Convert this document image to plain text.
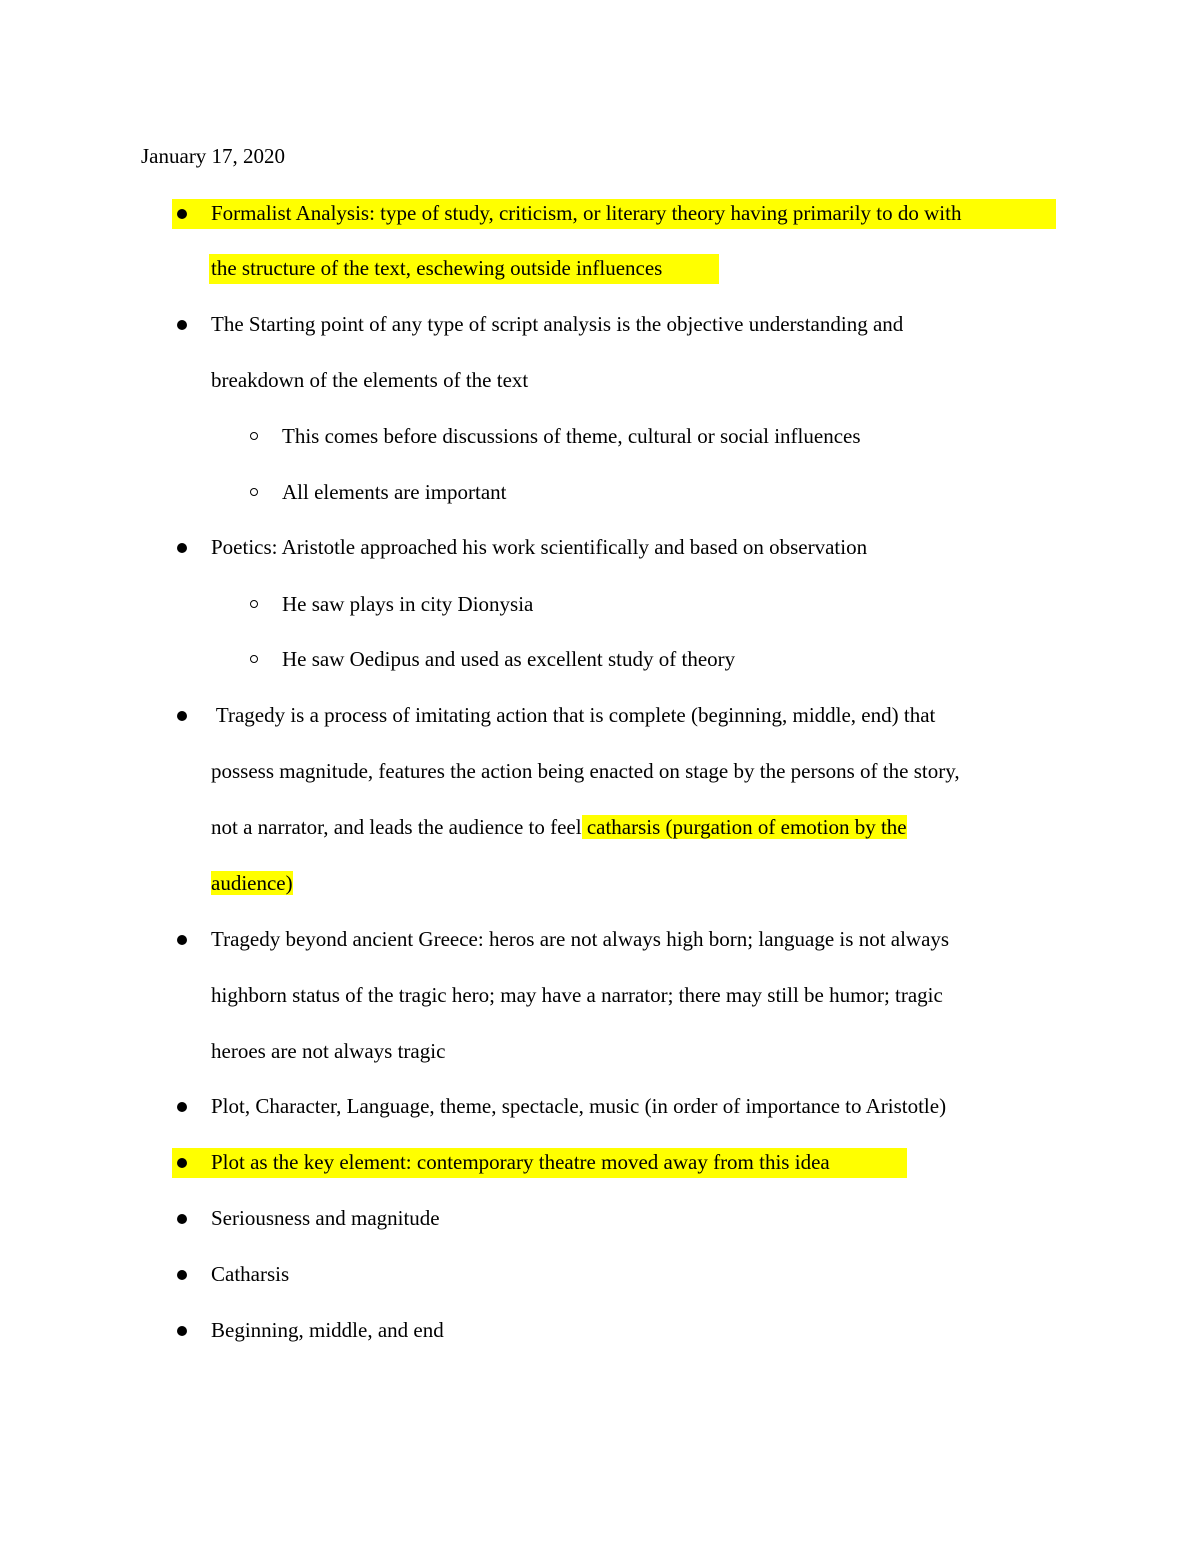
January 17, 2020
Formalist Analysis: type of study, criticism, or literary theory having primarily to do with
the structure of the text, eschewing outside influences
The Starting point of any type of script analysis is the objective understanding and
breakdown of the elements of the text
This comes before discussions of theme, cultural or social influences
All elements are important
Poetics: Aristotle approached his work scientifically and based on observation
He saw plays in city Dionysia
He saw Oedipus and used as excellent study of theory
Tragedy is a process of imitating action that is complete (beginning, middle, end) that
possess magnitude, features the action being enacted on stage by the persons of the story,
not a narrator, and leads the audience to feel catharsis (purgation of emotion by the
audience)
Tragedy beyond ancient Greece: heros are not always high born; language is not always
highborn status of the tragic hero; may have a narrator; there may still be humor; tragic
heroes are not always tragic
Plot, Character, Language, theme, spectacle, music (in order of importance to Aristotle)
Plot as the key element: contemporary theatre moved away from this idea
Seriousness and magnitude
Catharsis
Beginning, middle, and end
